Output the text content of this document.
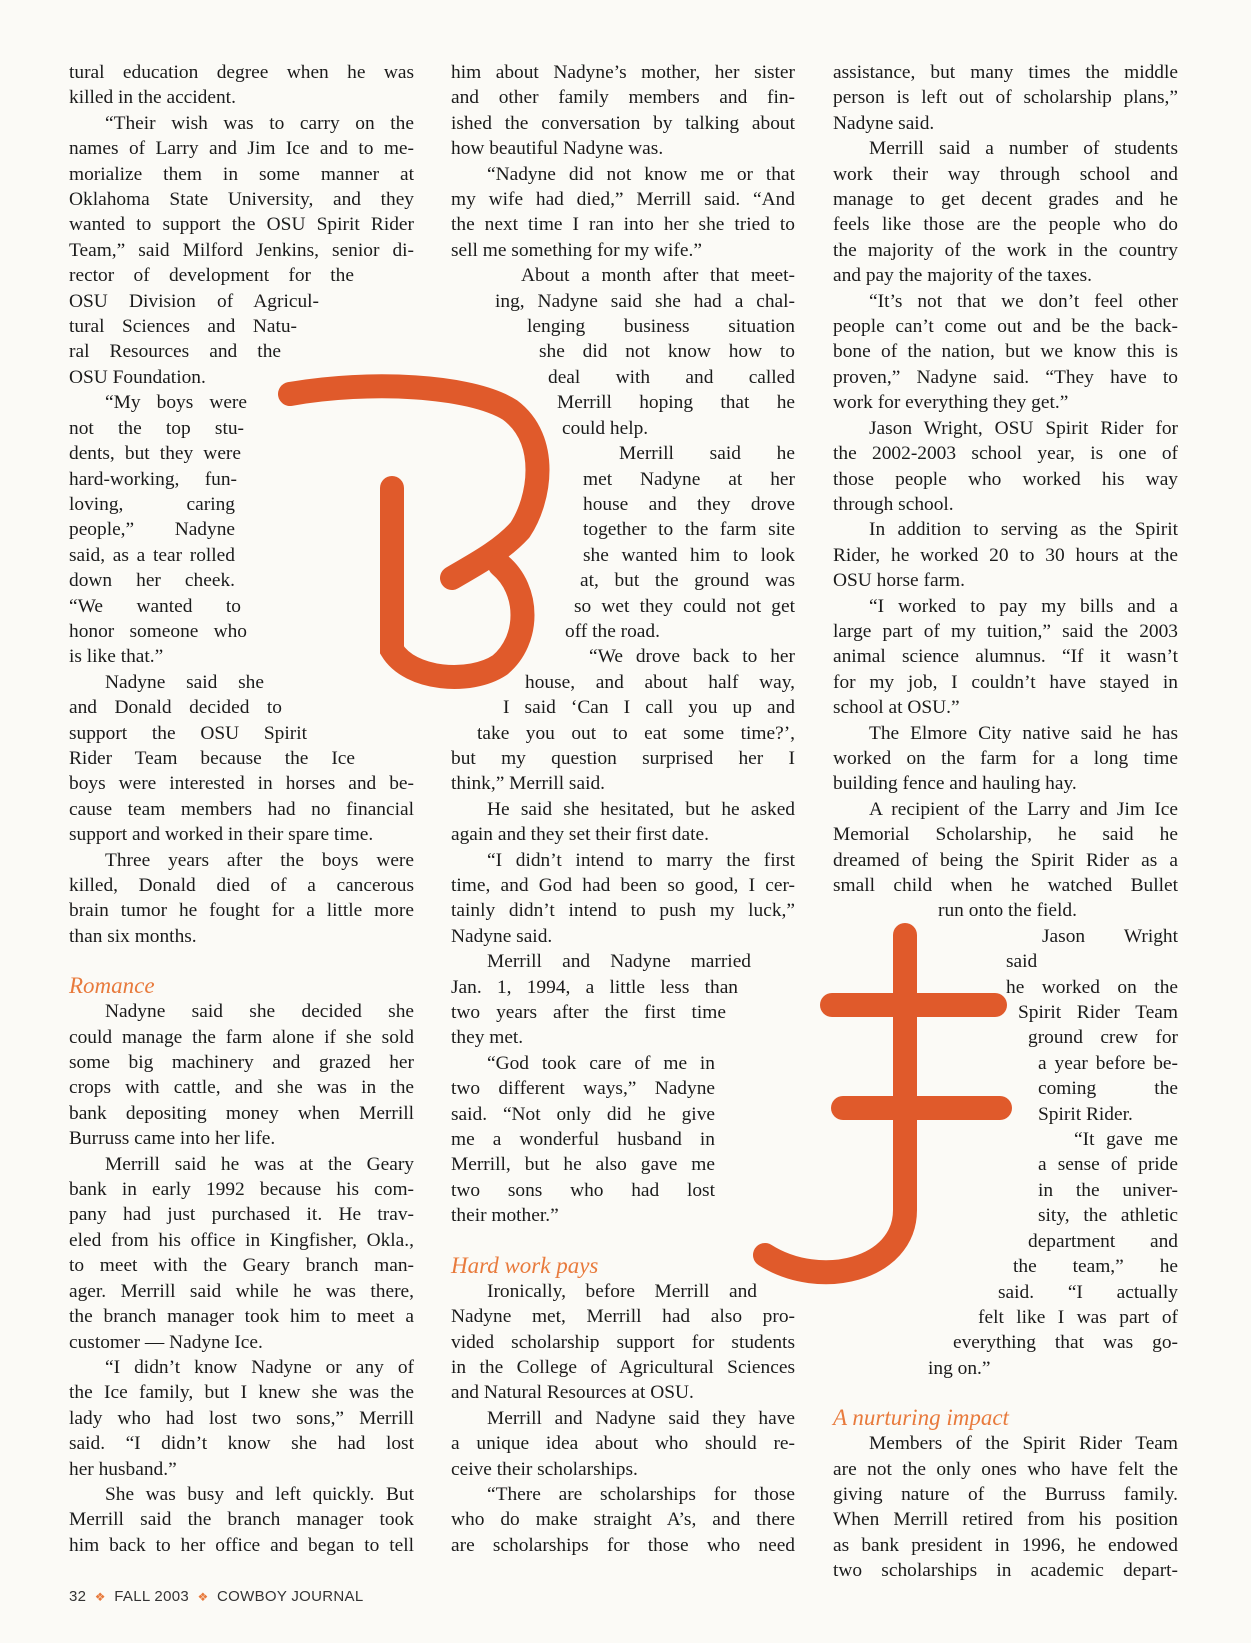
tural education degree when he was

killed in the accident.

“Their wish was to carry on the

names of Larry and Jim Ice and to me-

morialize them in some manner at

Oklahoma State University, and they

wanted to support the OSU Spirit Rider

Team,” said Milford Jenkins, senior di-

rector of development for the

OSU Division of Agricul-

tural Sciences and Natu-

ral Resources and the

OSU Foundation.

“My boys were

not the top stu-

dents, but they were

hard-working, fun-

loving, caring

people,” Nadyne

said, as a tear rolled

down her cheek.

“We wanted to

honor someone who

is like that.”

Nadyne said she

and Donald decided to

support the OSU Spirit

Rider Team because the Ice

boys were interested in horses and be-

cause team members had no financial

support and worked in their spare time.

Three years after the boys were

killed, Donald died of a cancerous

brain tumor he fought for a little more

than six months.

Romance

Nadyne said she decided she

could manage the farm alone if she sold

some big machinery and grazed her

crops with cattle, and she was in the

bank depositing money when Merrill

Burruss came into her life.

Merrill said he was at the Geary

bank in early 1992 because his com-

pany had just purchased it. He trav-

eled from his office in Kingfisher, Okla.,

to meet with the Geary branch man-

ager. Merrill said while he was there,

the branch manager took him to meet a

customer — Nadyne Ice.

“I didn’t know Nadyne or any of

the Ice family, but I knew she was the

lady who had lost two sons,” Merrill

said. “I didn’t know she had lost

her husband.”

She was busy and left quickly. But

Merrill said the branch manager took

him back to her office and began to tell

him about Nadyne’s mother, her sister

and other family members and fin-

ished the conversation by talking about

how beautiful Nadyne was.

“Nadyne did not know me or that

my wife had died,” Merrill said. “And

the next time I ran into her she tried to

sell me something for my wife.”

About a month after that meet-

ing, Nadyne said she had a chal-

lenging business situation

she did not know how to

deal with and called

Merrill hoping that he

could help.

Merrill said he

met Nadyne at her

house and they drove

together to the farm site

she wanted him to look

at, but the ground was

so wet they could not get

off the road.

“We drove back to her

house, and about half way,

I said ‘Can I call you up and

take you out to eat some time?’,

but my question surprised her I

think,” Merrill said.

He said she hesitated, but he asked

again and they set their first date.

“I didn’t intend to marry the first

time, and God had been so good, I cer-

tainly didn’t intend to push my luck,”

Nadyne said.

Merrill and Nadyne married

Jan. 1, 1994, a little less than

two years after the first time

they met.

“God took care of me in

two different ways,” Nadyne

said. “Not only did he give

me a wonderful husband in

Merrill, but he also gave me

two sons who had lost

their mother.”

Hard work pays

Ironically, before Merrill and

Nadyne met, Merrill had also pro-

vided scholarship support for students

in the College of Agricultural Sciences

and Natural Resources at OSU.

Merrill and Nadyne said they have

a unique idea about who should re-

ceive their scholarships.

“There are scholarships for those

who do make straight A’s, and there

are scholarships for those who need

assistance, but many times the middle

person is left out of scholarship plans,”

Nadyne said.

Merrill said a number of students

work their way through school and

manage to get decent grades and he

feels like those are the people who do

the majority of the work in the country

and pay the majority of the taxes.

“It’s not that we don’t feel other

people can’t come out and be the back-

bone of the nation, but we know this is

proven,” Nadyne said. “They have to

work for everything they get.”

Jason Wright, OSU Spirit Rider for

the 2002-2003 school year, is one of

those people who worked his way

through school.

In addition to serving as the Spirit

Rider, he worked 20 to 30 hours at the

OSU horse farm.

“I worked to pay my bills and a

large part of my tuition,” said the 2003

animal science alumnus. “If it wasn’t

for my job, I couldn’t have stayed in

school at OSU.”

The Elmore City native said he has

worked on the farm for a long time

building fence and hauling hay.

A recipient of the Larry and Jim Ice

Memorial Scholarship, he said he

dreamed of being the Spirit Rider as a

small child when he watched Bullet

run onto the field.

Jason Wright said

he worked on the

Spirit Rider Team

ground crew for

a year before be-

coming the

Spirit Rider.

“It gave me

a sense of pride

in the univer-

sity, the athletic

department and

the team,” he

said. “I actually

felt like I was part of

everything that was go-

ing on.”

A nurturing impact

Members of the Spirit Rider Team

are not the only ones who have felt the

giving nature of the Burruss family.

When Merrill retired from his position

as bank president in 1996, he endowed

two scholarships in academic depart-

32 ❖ FALL 2003 ❖ COWBOY JOURNAL
